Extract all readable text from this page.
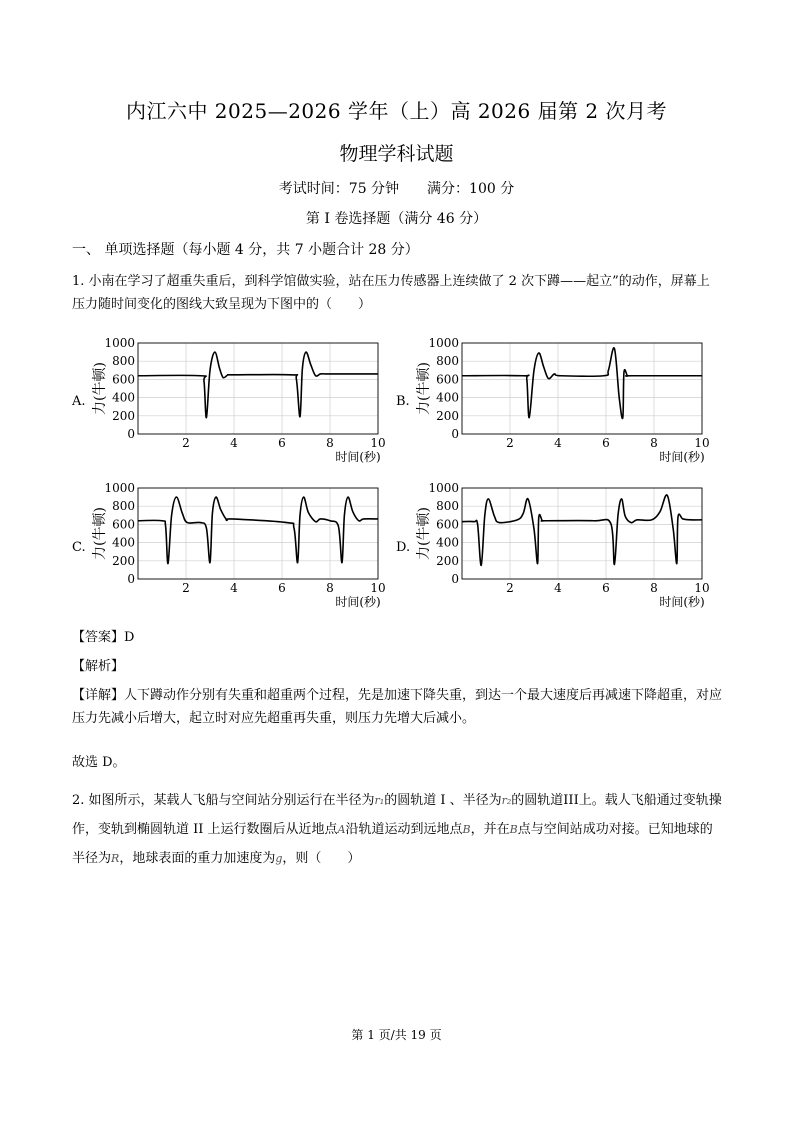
内江六中 2025—2026 学年（上）高 2026 届第 2 次月考
物理学科试题
考试时间：75 分钟 满分：100 分
第 I 卷选择题（满分 46 分）
一、 单项选择题（每小题 4 分，共 7 小题合计 28 分）
1. 小南在学习了超重失重后，到科学馆做实验，站在压力传感器上连续做了 2 次下蹲——起立”的动作，屏幕上压力随时间变化的图线大致呈现为下图中的（　　）
A.
0
200
400
600
800
1000
2	4	6	8	10
力(牛顿)
时间(秒)
B.
0
200
400
600
800
1000
2	4	6	8	10
力(牛顿)
时间(秒)
C.
0
200
400
600
800
1000
2	4	6	8	10
力(牛顿)
时间(秒)
D.
0
200
400
600
800
1000
2	4	6	8	10
力(牛顿)
时间(秒)
【答案】D
【解析】
【详解】人下蹲动作分别有失重和超重两个过程，先是加速下降失重，到达一个最大速度后再减速下降超重，对应压力先减小后增大，起立时对应先超重再失重，则压力先增大后减小。
故选 D。
2. 如图所示，某载人飞船与空间站分别运行在半径为r₁的圆轨道 I 、半径为r₂的圆轨道III上。载人飞船通过变轨操作，变轨到椭圆轨道 II 上运行数圈后从近地点A沿轨道运动到远地点B，并在B点与空间站成功对接。已知地球的半径为R，地球表面的重力加速度为g，则（　　）
第 1 页/共 19 页
